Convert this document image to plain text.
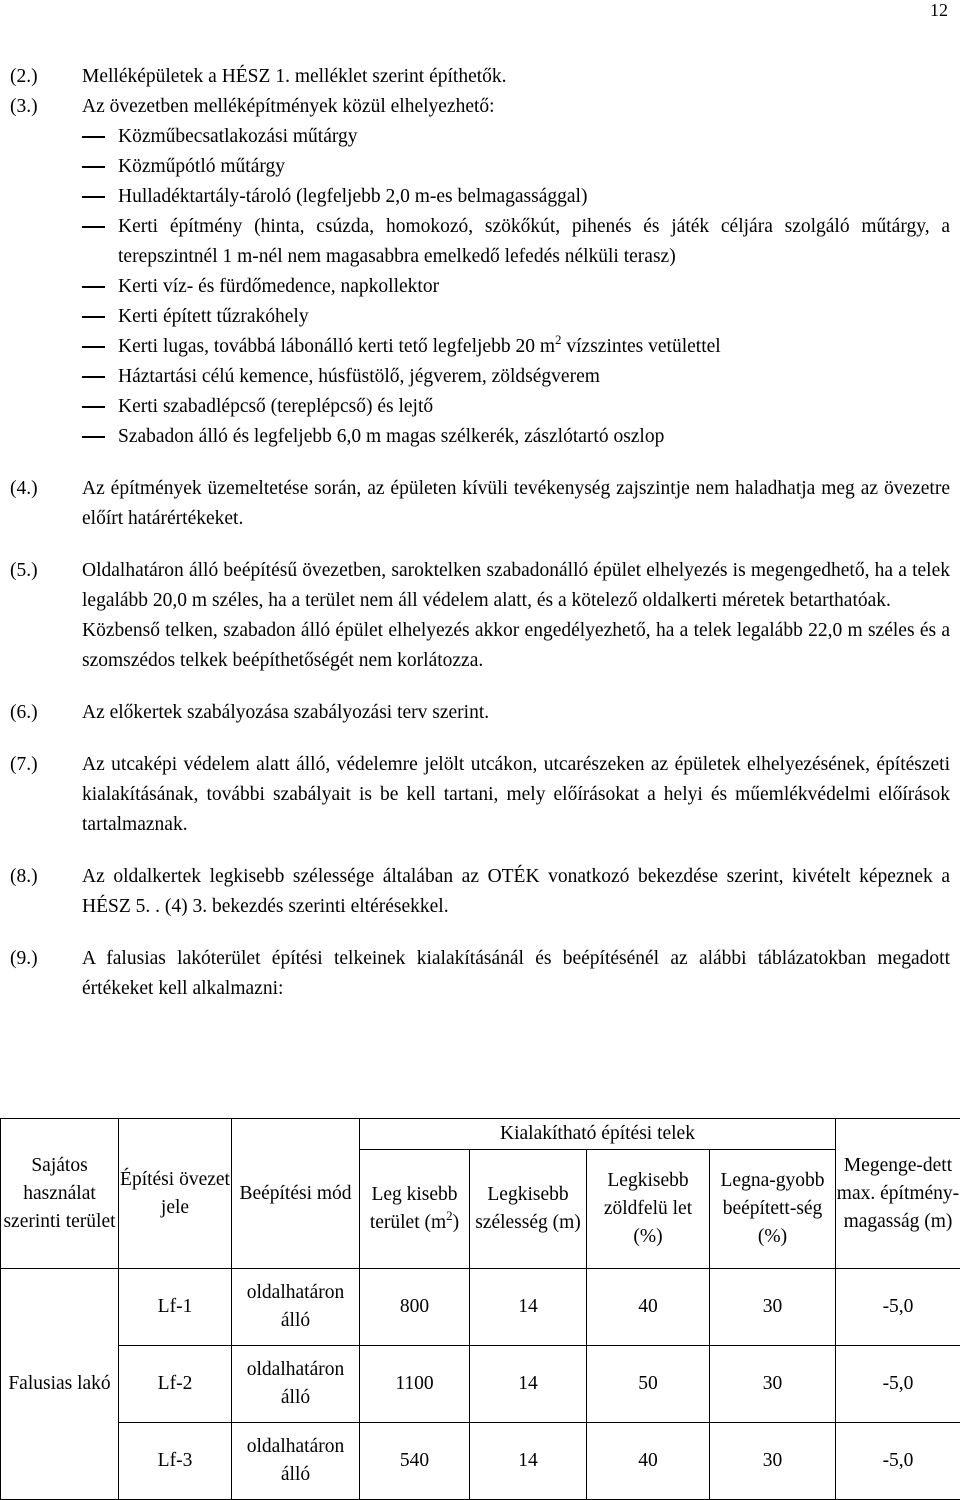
12
(2.)	Melléképületek a HÉSZ 1. melléklet szerint építhetők.
(3.)	Az övezetben melléképítmények közül elhelyezhető:

Közműbecsatlakozási műtárgy
Közműpótló műtárgy
Hulladéktartály-tároló (legfeljebb 2,0 m-es belmagassággal)
Kerti építmény (hinta, csúzda, homokozó, szökőkút, pihenés és játék céljára szolgáló műtárgy, a terepszintnél 1 m-nél nem magasabbra emelkedő lefedés nélküli terasz)
Kerti víz- és fürdőmedence, napkollektor
Kerti épített tűzrakóhely
Kerti lugas, továbbá lábonálló kerti tető legfeljebb 20 $m^2$ vízszintes vetülettel
Háztartási célú kemence, húsfüstölő, jégverem, zöldségverem
Kerti szabadlépcső (tereplépcső) és lejtő
Szabadon álló és legfeljebb 6,0 m magas szélkerék, zászlótartó oszlop
(4.)	Az építmények üzemeltetése során, az épületen kívüli tevékenység zajszintje nem haladhatja meg az övezetre előírt határértékeket.
(5.)	Oldalhatáron álló beépítésű övezetben, saroktelken szabadonálló épület elhelyezés is megengedhető, ha a telek legalább 20,0 m széles, ha a terület nem áll védelem alatt, és a kötelező oldalkerti méretek betarthatóak.

Közbenső telken, szabadon álló épület elhelyezés akkor engedélyezhető, ha a telek legalább 22,0 m széles és a szomszédos telkek beépíthetőségét nem korlátozza.

(6.)	Az előkertek szabályozása szabályozási terv szerint.
(7.)	Az utcaképi védelem alatt álló, védelemre jelölt utcákon, utcarészeken az épületek elhelyezésének, építészeti kialakításának, további szabályait is be kell tartani, mely előírásokat a helyi és műemlékvédelmi előírások tartalmaznak.
(8.)	Az oldalkertek legkisebb szélessége általában az OTÉK vonatkozó bekezdése szerint, kivételt képeznek a HÉSZ 5. . (4) 3. bekezdés szerinti eltérésekkel.
(9.)	A falusias lakóterület építési telkeinek kialakításánál és beépítésénél az alábbi táblázatokban megadott értékeket kell alkalmazni:
Sajátos használat szerinti terület	Építési övezet jele	Beépítési mód	Kialakítható építési telek				Megenge-dett max. építmény-magasság (m)
			Leg kisebb terület $(m^2)$	Legkisebb szélesség (m)	Legkisebb zöldfelü let (%)	Legna-gyobb beépített-ség (%)	
Falusias lakó	Lf-1	oldalhatáron álló	800	14	40	30	-5,0
	Lf-2	oldalhatáron álló	1100	14	50	30	-5,0
	Lf-3	oldalhatáron álló	540	14	40	30	-5,0
